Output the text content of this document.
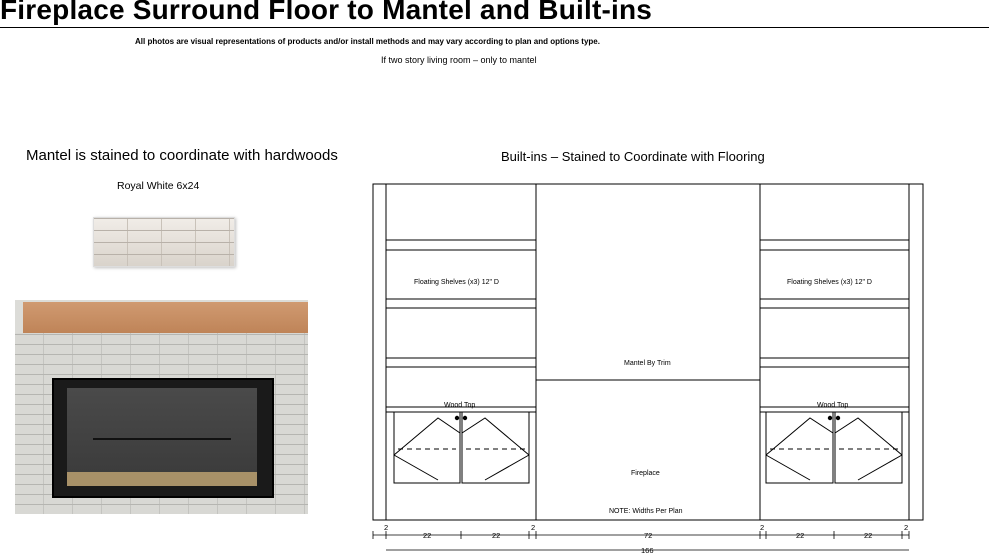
Fireplace Surround Floor to Mantel and Built-ins
All photos are visual representations of products and/or install methods and may vary according to plan and options type.
If two story living room – only to mantel
Mantel is stained to coordinate with hardwoods
Royal White 6x24
Built-ins – Stained to Coordinate with Flooring
Floating Shelves (x3) 12" D	Floating Shelves (x3) 12" D
Mantel By Trim
Wood Top	Wood Top
Fireplace
NOTE: Widths Per Plan
2
22	22
2
72
2
22	22
2
166
